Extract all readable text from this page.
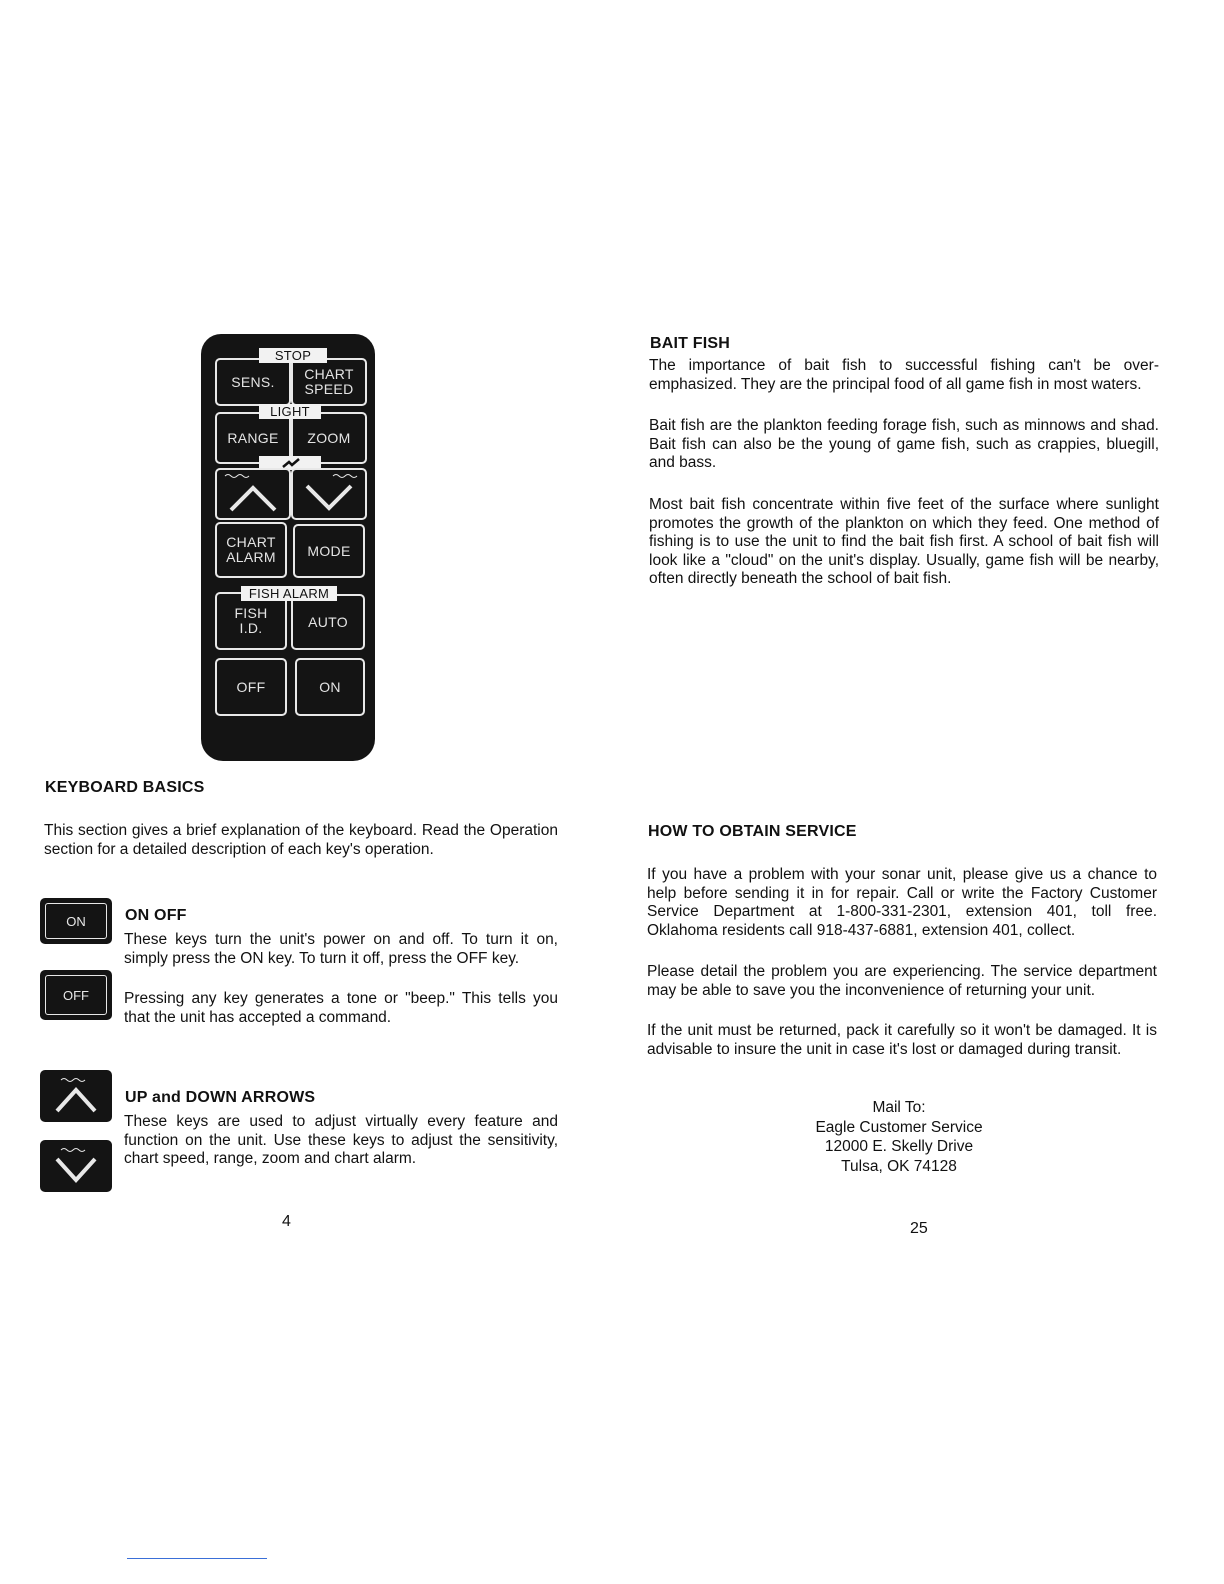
SENS. CHART
SPEED
STOP
RANGE ZOOM
LIGHT
CHART
ALARM MODE
FISH
I.D.	AUTO
FISH ALARM
OFF	ON
KEYBOARD BASICS

This section gives a brief explanation of the keyboard. Read the Operation section for a detailed description of each key's operation.

ON
OFF
ON OFF

These keys turn the unit's power on and off. To turn it on, simply press the ON key. To turn it off, press the OFF key.

Pressing any key generates a tone or "beep." This tells you that the unit has accepted a command.

UP and DOWN ARROWS

These keys are used to adjust virtually every feature and function on the unit. Use these keys to adjust the sensitivity, chart speed, range, zoom and chart alarm.

4
BAIT FISH

The importance of bait fish to successful fishing can't be over-emphasized. They are the principal food of all game fish in most waters.

Bait fish are the plankton feeding forage fish, such as minnows and shad. Bait fish can also be the young of game fish, such as crappies, bluegill, and bass.

Most bait fish concentrate within five feet of the surface where sunlight promotes the growth of the plankton on which they feed. One method of fishing is to use the unit to find the bait fish first. A school of bait fish will look like a "cloud" on the unit's display. Usually, game fish will be nearby, often directly beneath the school of bait fish.

HOW TO OBTAIN SERVICE

If you have a problem with your sonar unit, please give us a chance to help before sending it in for repair. Call or write the Factory Customer Service Department at 1-800-331-2301, extension 401, toll free. Oklahoma residents call 918-437-6881, extension 401, collect.

Please detail the problem you are experiencing. The service department may be able to save you the inconvenience of returning your unit.

If the unit must be returned, pack it carefully so it won't be damaged. It is advisable to insure the unit in case it's lost or damaged during transit.

Mail To:
Eagle Customer Service
12000 E. Skelly Drive
Tulsa, OK 74128
25
